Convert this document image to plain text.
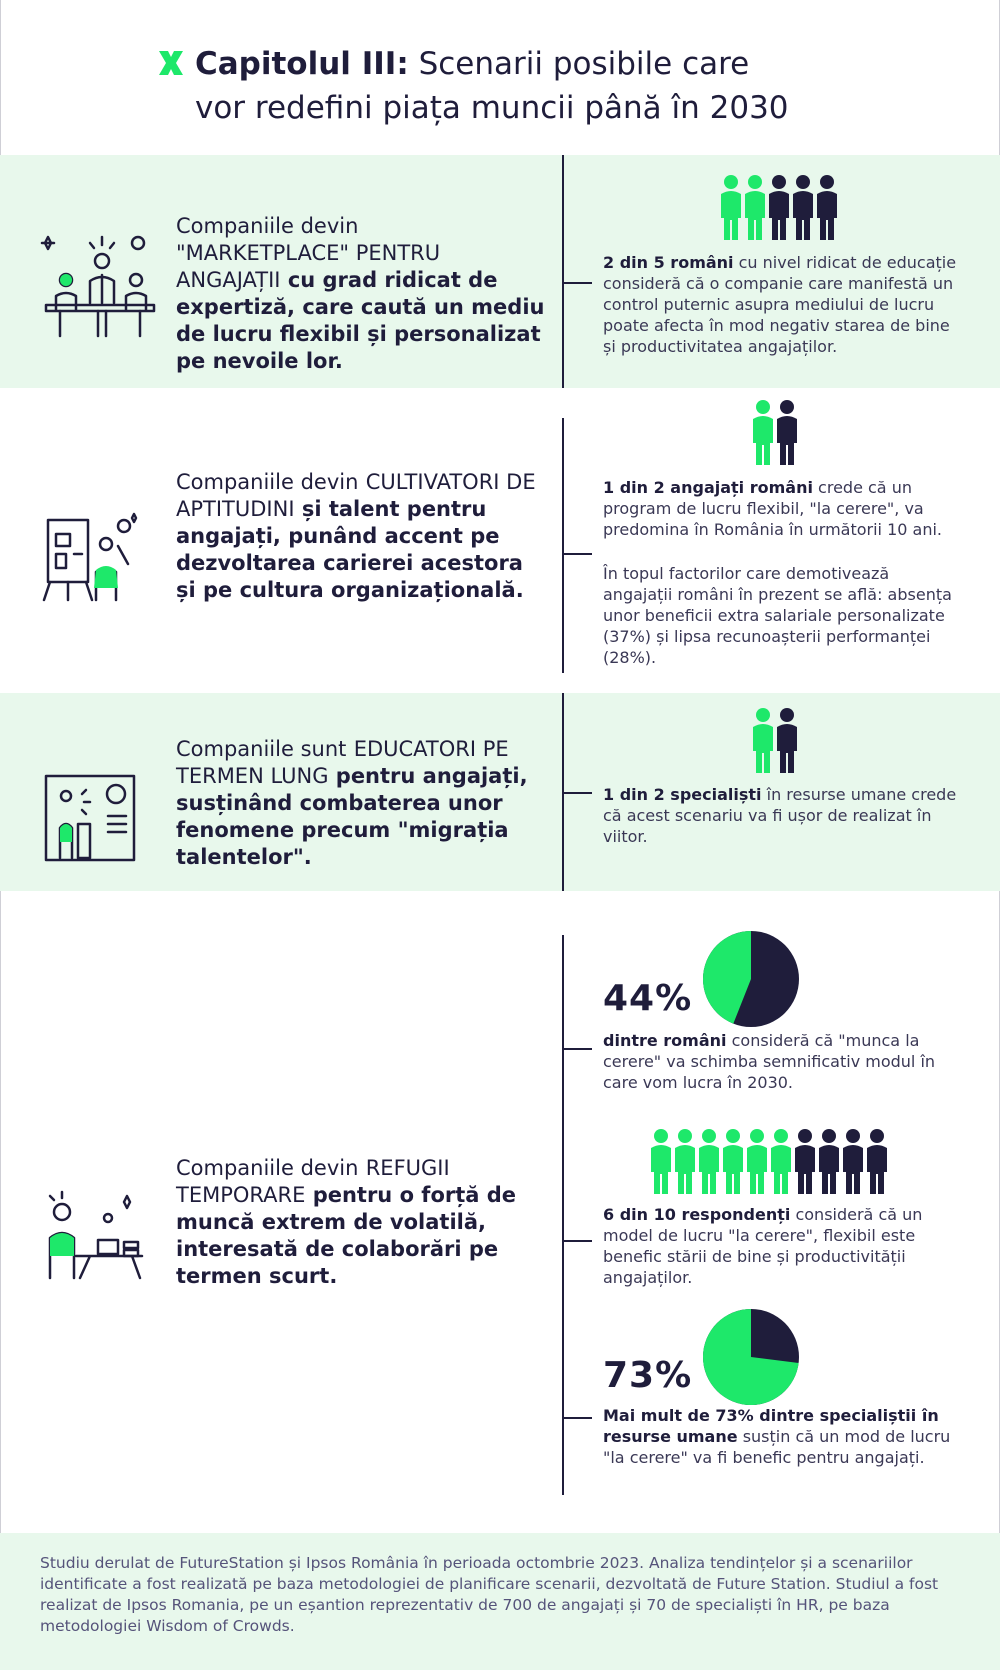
Capitolul III: Scenarii posibile care
vor redefini piața muncii până în 2030
Companiile devin
"MARKETPLACE" PENTRU ANGAJAȚII cu grad ridicat de expertiză, care caută un mediu de lucru flexibil și personalizat pe nevoile lor.
2 din 5 români cu nivel ridicat de educație consideră că o companie care manifestă un control puternic asupra mediului de lucru poate afecta în mod negativ starea de bine și productivitatea angajaților.
Companiile devin CULTIVATORI DE APTITUDINI și talent pentru angajați, punând accent pe dezvoltarea carierei acestora și pe cultura organizațională.
1 din 2 angajați români crede că un program de lucru flexibil, "la cerere", va predomina în România în următorii 10 ani.
În topul factorilor care demotivează angajații români în prezent se află: absența unor beneficii extra salariale personalizate (37%) și lipsa recunoașterii performanței (28%).
Companiile sunt EDUCATORI PE TERMEN LUNG pentru angajați, susținând combaterea unor fenomene precum "migrația talentelor".
1 din 2 specialiști în resurse umane crede că acest scenariu va fi ușor de realizat în viitor.
Companiile devin REFUGII TEMPORARE pentru o forță de muncă extrem de volatilă, interesată de colaborări pe termen scurt.
44%
dintre români consideră că "munca la cerere" va schimba semnificativ modul în care vom lucra în 2030.
6 din 10 respondenți consideră că un model de lucru "la cerere", flexibil este benefic stării de bine și productivității angajaților.
73%
Mai mult de 73% dintre specialiștii în resurse umane susțin că un mod de lucru "la cerere" va fi benefic pentru angajați.

Studiu derulat de FutureStation și Ipsos România în perioada octombrie 2023. Analiza tendințelor și a scenariilor identificate a fost realizată pe baza metodologiei de planificare scenarii, dezvoltată de Future Station. Studiul a fost realizat de Ipsos Romania, pe un eșantion reprezentativ de 700 de angajați și 70 de specialiști în HR, pe baza metodologiei Wisdom of Crowds.
